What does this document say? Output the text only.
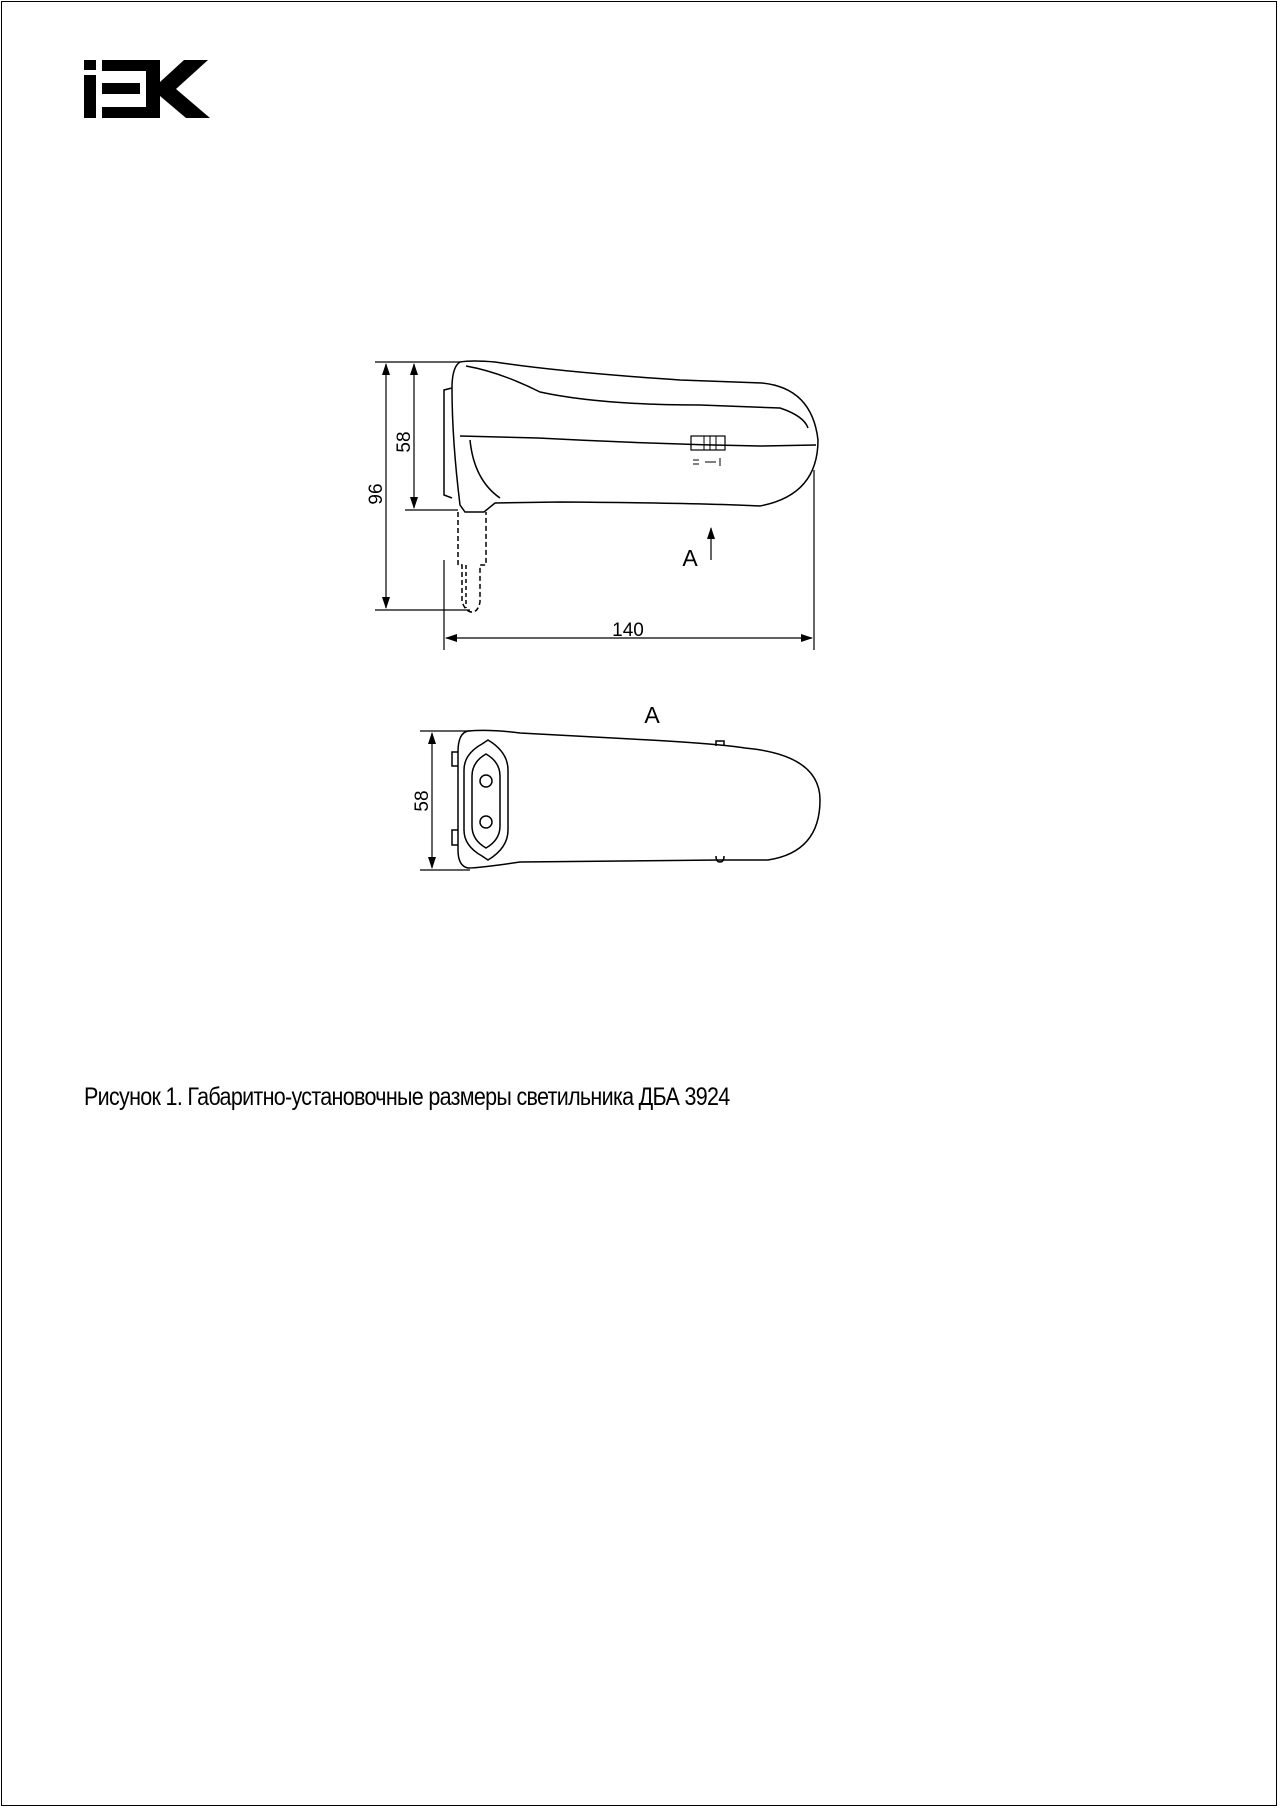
96
58
140
A
A
58

Рисунок 1. Габаритно-установочные размеры светильника ДБА 3924
